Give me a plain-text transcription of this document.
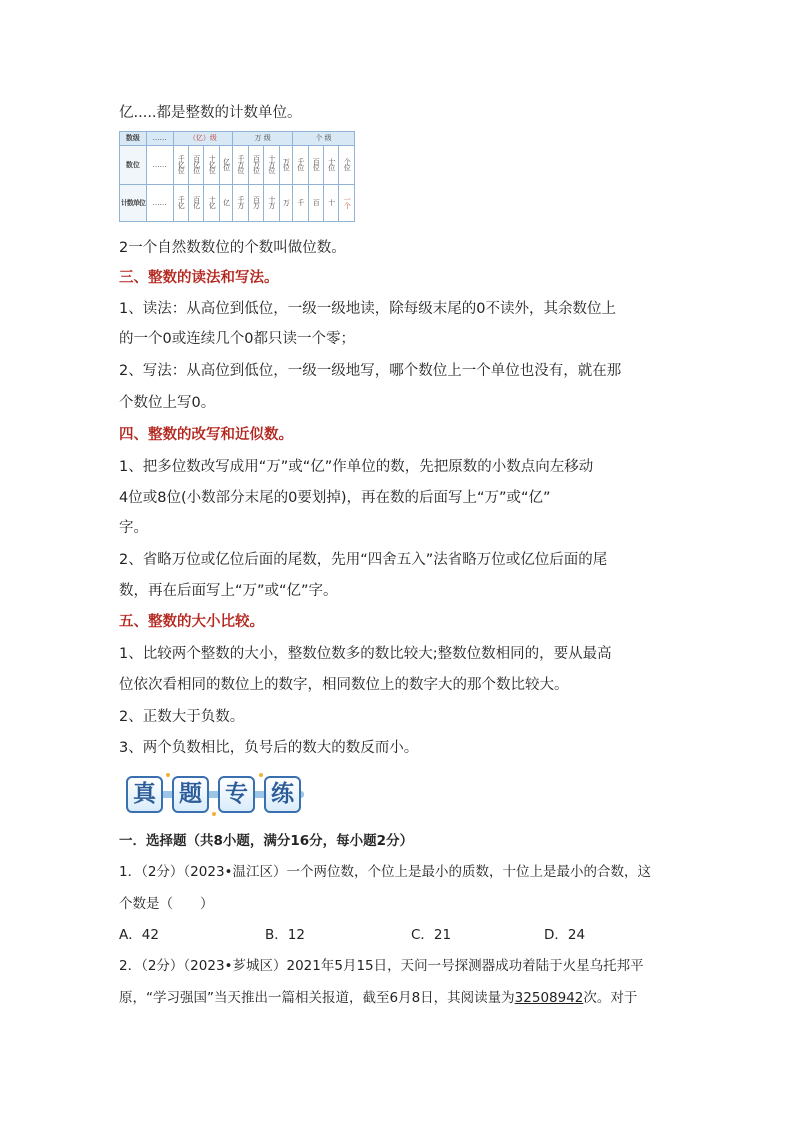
亿.....都是整数的计数单位。
数级	……	（亿）级				万 级				个 级			
数位	……	千亿位	百亿位	十亿位	亿位	千万位	百万位	十万位	万位	千位	百位	十位	个位
计数单位	……	千亿	百亿	十亿	亿	千万	百万	十万	万	千	百	十	一个
2一个自然数数位的个数叫做位数。
三、整数的读法和写法。
1、读法：从高位到低位，一级一级地读，除每级末尾的0不读外，其余数位上
的一个0或连续几个0都只读一个零；
2、写法：从高位到低位，一级一级地写，哪个数位上一个单位也没有，就在那
个数位上写0。
四、整数的改写和近似数。
1、把多位数改写成用“万”或“亿”作单位的数，先把原数的小数点向左移动
4位或8位(小数部分末尾的0要划掉)，再在数的后面写上“万”或“亿”
字。
2、省略万位或亿位后面的尾数，先用“四舍五入”法省略万位或亿位后面的尾
数，再在后面写上“万”或“亿”字。
五、整数的大小比较。
1、比较两个整数的大小，整数位数多的数比较大;整数位数相同的，要从最高
位依次看相同的数位上的数字，相同数位上的数字大的那个数比较大。
2、正数大于负数。
3、两个负数相比，负号后的数大的数反而小。
真	题	专	练
一．选择题（共8小题，满分16分，每小题2分）
1．（2分）（2023•温江区）一个两位数，个位上是最小的质数，十位上是最小的合数，这
个数是（　　）
A．42	B．12	C．21	D．24
2．（2分）（2023•芗城区）2021年5月15日，天问一号探测器成功着陆于火星乌托邦平
原，“学习强国”当天推出一篇相关报道，截至6月8日，其阅读量为32508942次。对于
